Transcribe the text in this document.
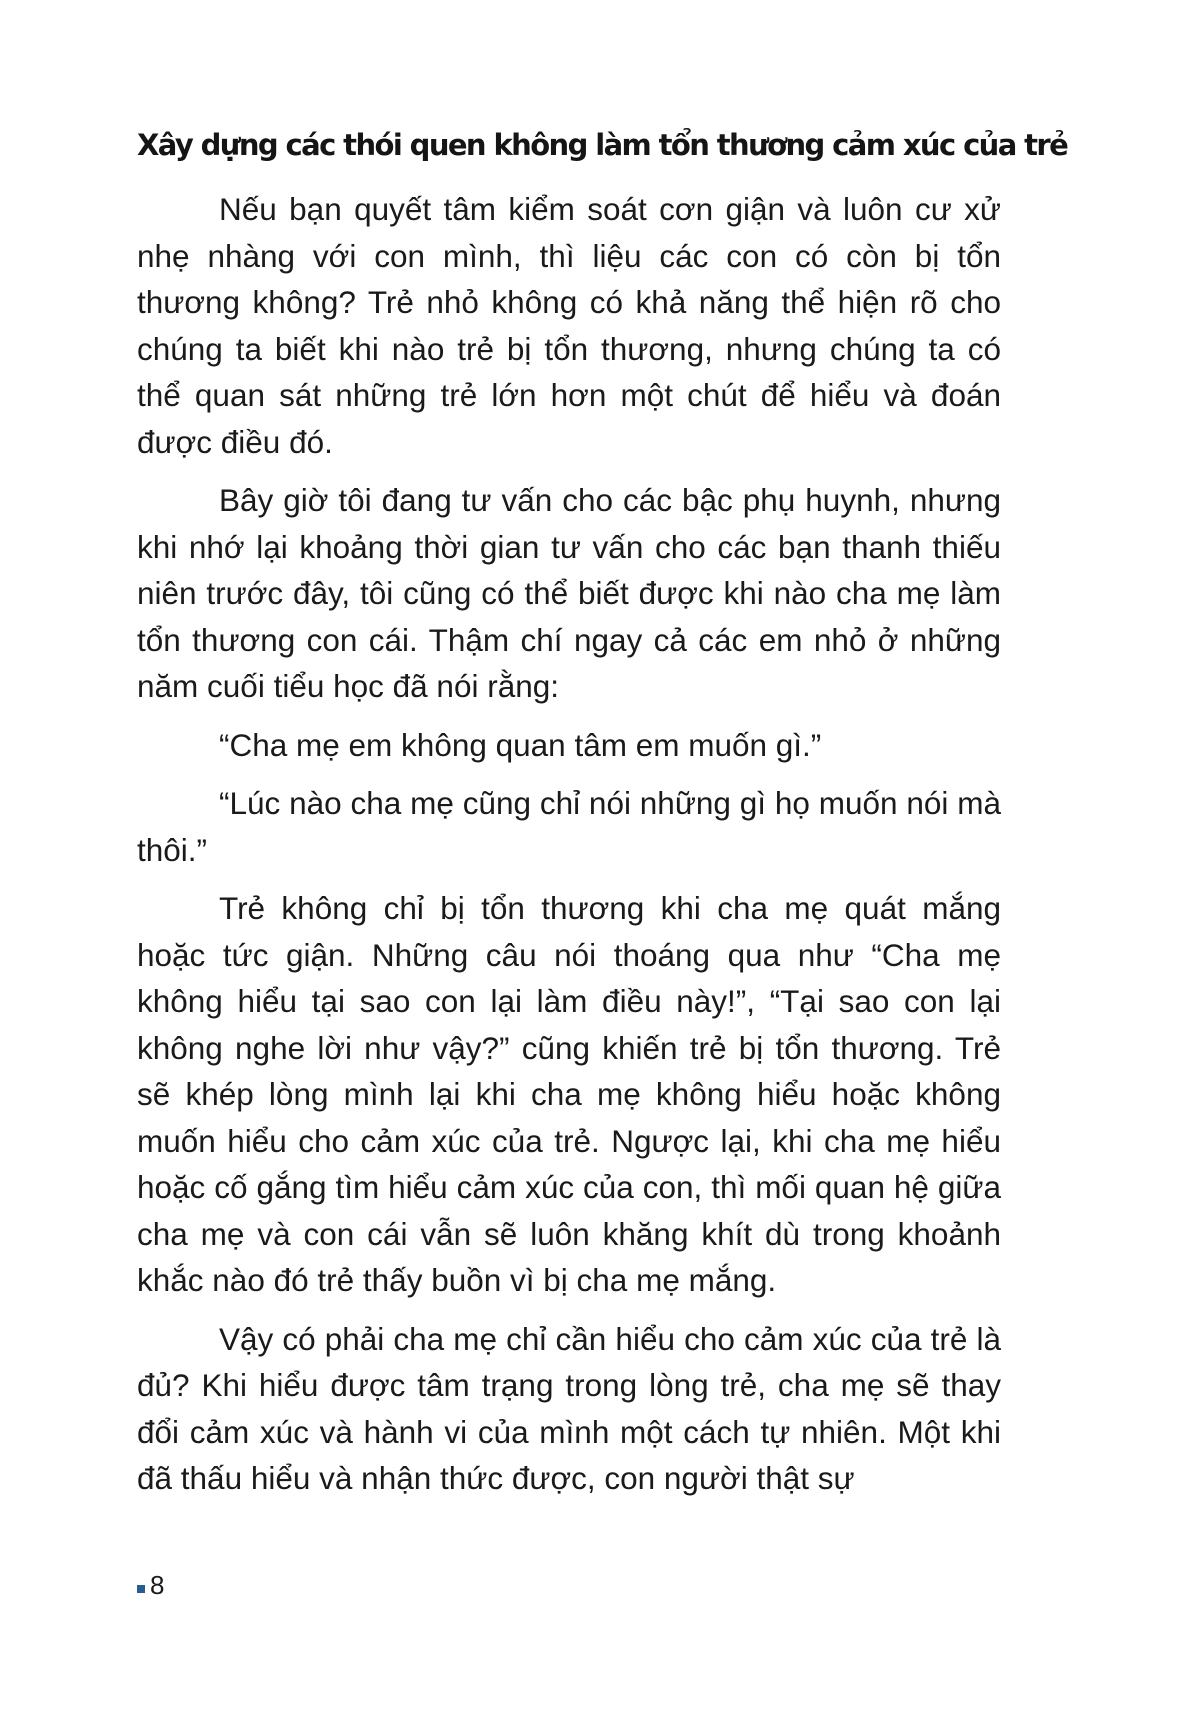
Xây dựng các thói quen không làm tổn thương cảm xúc của trẻ

Nếu bạn quyết tâm kiểm soát cơn giận và luôn cư xử nhẹ nhàng với con mình, thì liệu các con có còn bị tổn thương không? Trẻ nhỏ không có khả năng thể hiện rõ cho chúng ta biết khi nào trẻ bị tổn thương, nhưng chúng ta có thể quan sát những trẻ lớn hơn một chút để hiểu và đoán được điều đó.

Bây giờ tôi đang tư vấn cho các bậc phụ huynh, nhưng khi nhớ lại khoảng thời gian tư vấn cho các bạn thanh thiếu niên trước đây, tôi cũng có thể biết được khi nào cha mẹ làm tổn thương con cái. Thậm chí ngay cả các em nhỏ ở những năm cuối tiểu học đã nói rằng:

“Cha mẹ em không quan tâm em muốn gì.”

“Lúc nào cha mẹ cũng chỉ nói những gì họ muốn nói mà thôi.”

Trẻ không chỉ bị tổn thương khi cha mẹ quát mắng hoặc tức giận. Những câu nói thoáng qua như “Cha mẹ không hiểu tại sao con lại làm điều này!”, “Tại sao con lại không nghe lời như vậy?” cũng khiến trẻ bị tổn thương. Trẻ sẽ khép lòng mình lại khi cha mẹ không hiểu hoặc không muốn hiểu cho cảm xúc của trẻ. Ngược lại, khi cha mẹ hiểu hoặc cố gắng tìm hiểu cảm xúc của con, thì mối quan hệ giữa cha mẹ và con cái vẫn sẽ luôn khăng khít dù trong khoảnh khắc nào đó trẻ thấy buồn vì bị cha mẹ mắng.

Vậy có phải cha mẹ chỉ cần hiểu cho cảm xúc của trẻ là đủ? Khi hiểu được tâm trạng trong lòng trẻ, cha mẹ sẽ thay đổi cảm xúc và hành vi của mình một cách tự nhiên. Một khi đã thấu hiểu và nhận thức được, con người thật sự

8
